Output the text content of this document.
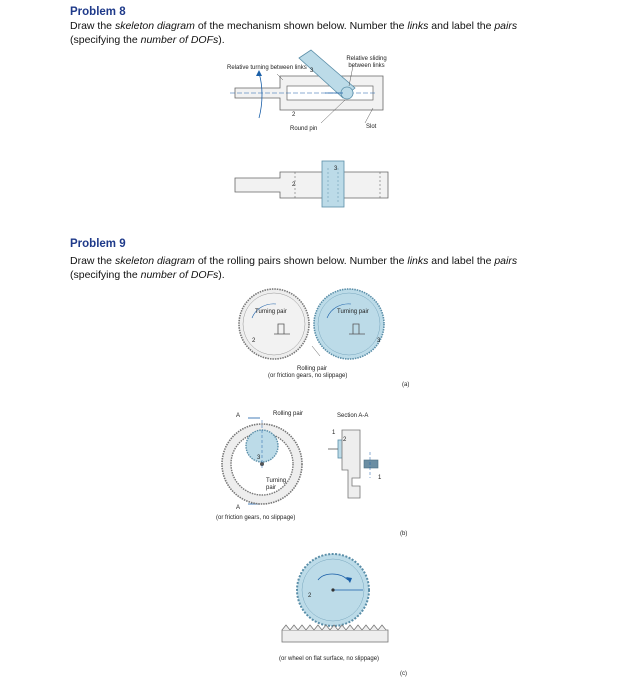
Problem 8
Draw the skeleton diagram of the mechanism shown below. Number the links and label the pairs (specifying the number of DOFs).
Relative turning between links
Relative sliding between links
Round pin	Slot
2
3
2
3
Problem 9
Draw the skeleton diagram of the rolling pairs shown below. Number the links and label the pairs (specifying the number of DOFs).
Turning pair	Turning pair
2	3
Rolling pair
(or friction gears, no slippage)
(a)
A	Rolling pair	Section A-A
Turning pair
A
(or friction gears, no slippage)
1
2
3
1
(b)
2
(or wheel on flat surface, no slippage)
(c)
